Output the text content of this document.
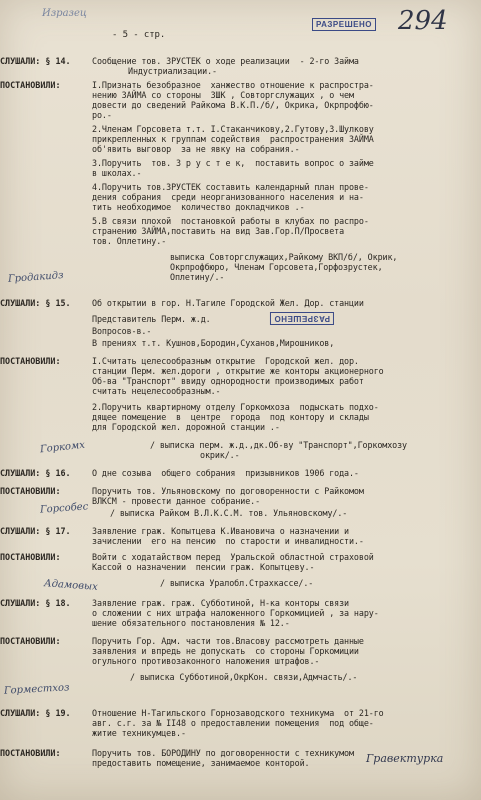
Изразец
- 5 - стр.
РАЗРЕШЕНО 294
СЛУШАЛИ: § 14.	Сообщение тов. ЗРУСТЕК о ходе реализации  - 2-го Займа
Индустриализации.-
ПОСТАНОВИЛИ:	I.Признать безобразное  ханжество отношение к распростра-
нению ЗАЙМА со стороны  ЗШК , Совторгслужащих , о чем
довести до сведений Райкома В.К.П./б/, Окрика, Окрпрофбю-
ро.-
2.Членам Горсовета т.т. I.Стаканчикову,2.Гутову,3.Шулкову
прикрепленных к группам содействия  распространения ЗАЙМА
об'явить выговор  за не явку на собрания.-
3.Поручить  тов. З р у с т е к,  поставить вопрос о займе
в школах.-
4.Поручить тов.ЗРУСТЕК составить календарный план прове-
дения собрания  среди неорганизованного населения и на-
тить необходимое  количество докладчиков .-
5.В связи плохой  постановкой работы в клубах по распро-
странению ЗАЙМА,поставить на вид Зав.Гор.П/Просвета
тов. Оплетину.-
выписка Совторгслужащих,Райкому ВКП/б/, Окрик,
Окрпрофбюро, Членам Горсовета,Горфозрустек,
Оплетину/.-
Гродакидз
СЛУШАЛИ: § 15.	Об открытии в гор. Н.Тагиле Городской Жел. Дор. станции
Представитель Перм. ж.д.
Вопросов-в.-
В прениях т.т. Кушнов,Бородин,Суханов,Мирошников,
РАЗРЕШЕНО
ПОСТАНОВИЛИ:	I.Считать целесообразным открытие  Городской жел. дор.
станции Перм. жел.дороги , открытие же конторы акционерного
Об-ва "Транспорт" ввиду однородности производимых работ
считать нецелесообразным.-
2.Поручить квартирному отделу Горкомхоза  подыскать подхо-
дящее помещение  в  центре  города  под контору и склады
для Городской жел. дорожной станции .-
/ выписка перм. ж.д.,дк.Об-ву "Транспорт",Горкомхозу
окрик/.-
Горкомх
СЛУШАЛИ: § 16.	О дне созыва  общего собрания  призывников 1906 года.-
ПОСТАНОВИЛИ:	Поручить тов. Ульяновскому по договоренности с Райкомом
ВЛКСМ - провести данное собрание.-
/ выписка Райком В.Л.К.С.М. тов. Ульяновскому/.-
Горсобес
СЛУШАЛИ: § 17.	Заявление граж. Копытцева К.Ивановича о назначении и
зачислении  его на пенсию  по старости и инвалидности.-
ПОСТАНОВИЛИ:	Войти с ходатайством перед  Уральской областной страховой
Кассой о назначении  пенсии граж. Копытцеву.-
/ выписка Уралобл.Страхкассе/.-
Адамовых
СЛУШАЛИ: § 18.	Заявление граж. граж. Субботиной, Н-ка конторы связи
о сложении с них штрафа наложенного Горкомицией , за нару-
шение обязательного постановления № 12.-
ПОСТАНОВИЛИ:	Поручить Гор. Адм. части тов.Власову рассмотреть данные
заявления и впредь не допускать  со стороны Горкомиции
огульного противозаконного наложения штрафов.-
/ выписка Субботиной,ОкрКон. связи,Адмчасть/.-
Горместхоз
СЛУШАЛИ: § 19.	Отношение Н-Тагильского Горнозаводского техникума  от 21-го
авг. с.г. за № II48 о предоставлении помещения  под обще-
житие техникумцев.-
ПОСТАНОВИЛИ:	Поручить тов. БОРОДИНУ по договоренности с техникумом
предоставить помещение, занимаемое конторой.	Гравектурка
